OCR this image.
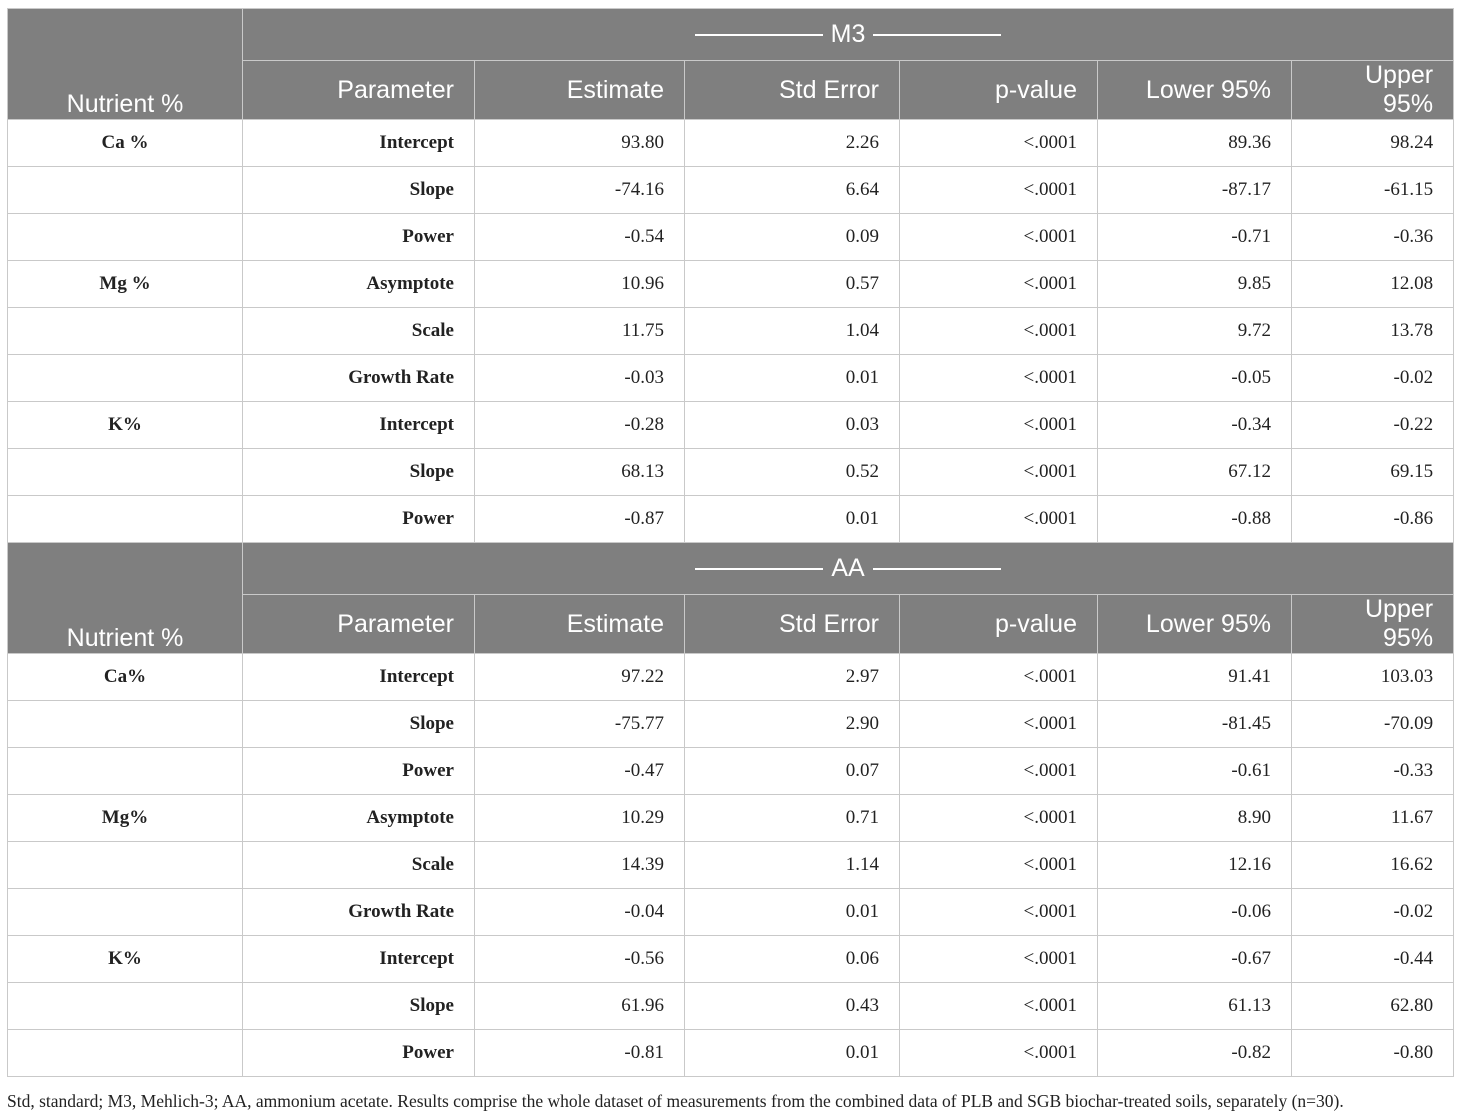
Nutrient %	M3					
	Parameter	Estimate	Std Error	p-value	Lower 95%	Upper 95%
Ca %	Intercept	93.80	2.26	<.0001	89.36	98.24
	Slope	-74.16	6.64	<.0001	-87.17	-61.15
	Power	-0.54	0.09	<.0001	-0.71	-0.36
Mg %	Asymptote	10.96	0.57	<.0001	9.85	12.08
	Scale	11.75	1.04	<.0001	9.72	13.78
	Growth Rate	-0.03	0.01	<.0001	-0.05	-0.02
K%	Intercept	-0.28	0.03	<.0001	-0.34	-0.22
	Slope	68.13	0.52	<.0001	67.12	69.15
	Power	-0.87	0.01	<.0001	-0.88	-0.86
Nutrient %	AA					
	Parameter	Estimate	Std Error	p-value	Lower 95%	Upper 95%
Ca%	Intercept	97.22	2.97	<.0001	91.41	103.03
	Slope	-75.77	2.90	<.0001	-81.45	-70.09
	Power	-0.47	0.07	<.0001	-0.61	-0.33
Mg%	Asymptote	10.29	0.71	<.0001	8.90	11.67
	Scale	14.39	1.14	<.0001	12.16	16.62
	Growth Rate	-0.04	0.01	<.0001	-0.06	-0.02
K%	Intercept	-0.56	0.06	<.0001	-0.67	-0.44
	Slope	61.96	0.43	<.0001	61.13	62.80
	Power	-0.81	0.01	<.0001	-0.82	-0.80
Std, standard; M3, Mehlich-3; AA, ammonium acetate. Results comprise the whole dataset of measurements from the combined data of PLB and SGB biochar-treated soils, separately (n=30).
